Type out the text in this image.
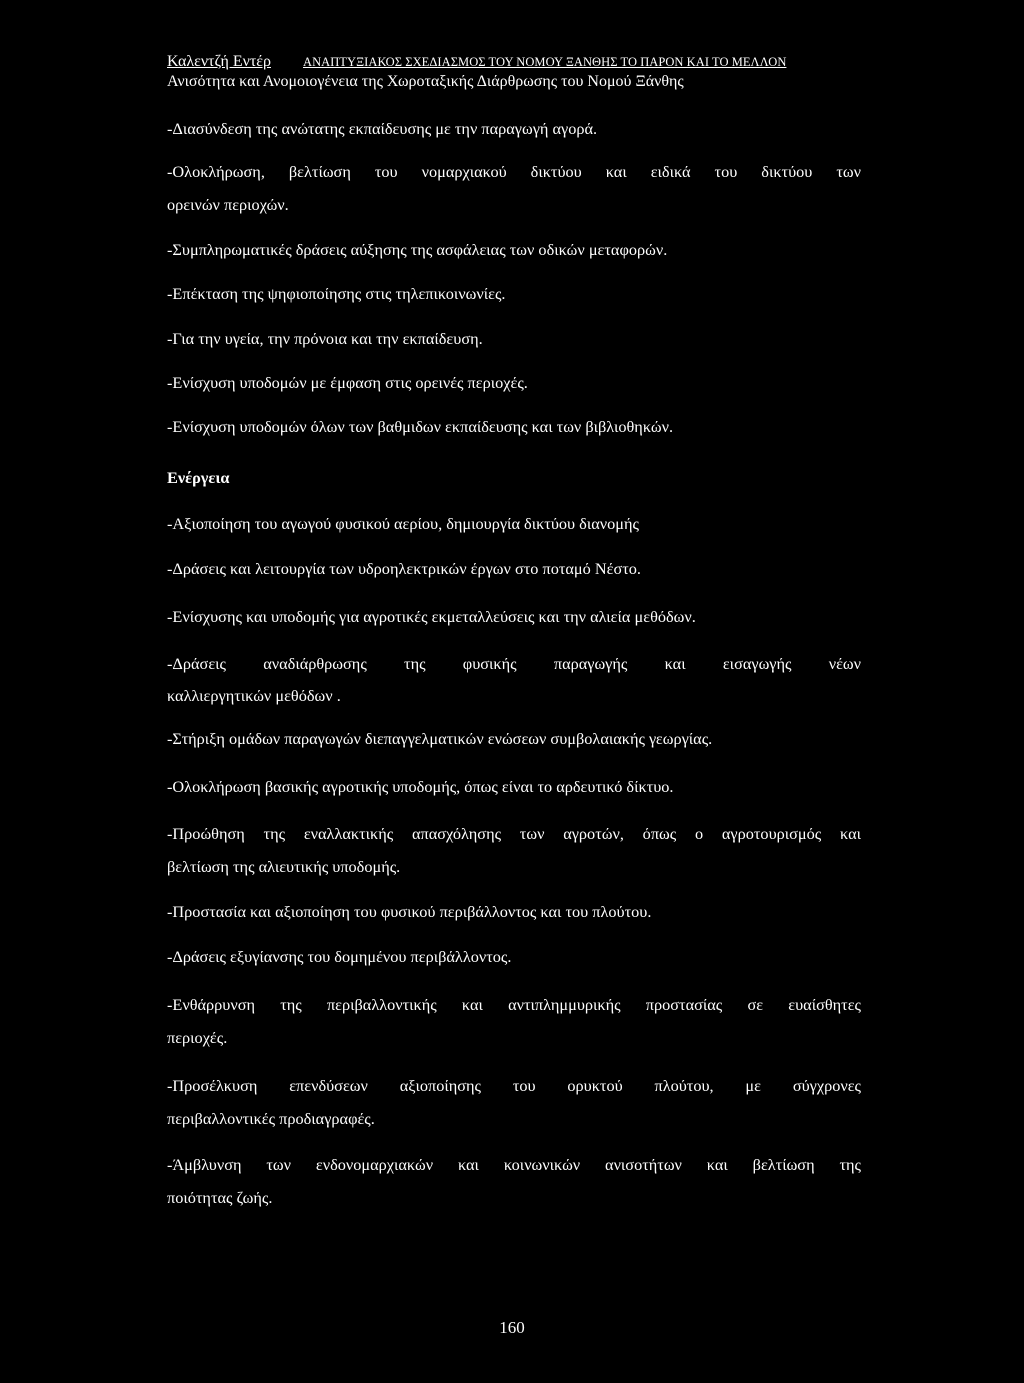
Καλεντζή Εντέρ	ΑΝΑΠΤΥΞΙΑΚΟΣ ΣΧΕΔΙΑΣΜΟΣ ΤΟΥ ΝΟΜΟΥ ΞΑΝΘΗΣ ΤΟ ΠΑΡΟΝ ΚΑΙ ΤΟ ΜΕΛΛΟΝ
Ανισότητα και Ανομοιογένεια της Χωροταξικής Διάρθρωσης του Νομού Ξάνθης
-Διασύνδεση της ανώτατης εκπαίδευσης με την παραγωγή αγορά.
-Ολοκλήρωση, βελτίωση του νομαρχιακού δικτύου και ειδικά του δικτύου των
ορεινών περιοχών.
-Συμπληρωματικές δράσεις αύξησης της ασφάλειας των οδικών μεταφορών.
-Επέκταση της ψηφιοποίησης στις τηλεπικοινωνίες.
-Για την υγεία, την πρόνοια και την εκπαίδευση.
-Ενίσχυση υποδομών με έμφαση στις ορεινές περιοχές.
-Ενίσχυση υποδομών όλων των βαθμιδων εκπαίδευσης και των βιβλιοθηκών.
Ενέργεια
-Αξιοποίηση του αγωγού φυσικού αερίου, δημιουργία δικτύου διανομής
-Δράσεις και λειτουργία των υδροηλεκτρικών έργων στο ποταμό Νέστο.
-Ενίσχυσης και υποδομής για αγροτικές εκμεταλλεύσεις και την αλιεία μεθόδων.
-Δράσεις αναδιάρθρωσης της φυσικής παραγωγής και εισαγωγής νέων
καλλιεργητικών μεθόδων .
-Στήριξη ομάδων παραγωγών διεπαγγελματικών ενώσεων συμβολαιακής γεωργίας.
-Ολοκλήρωση βασικής αγροτικής υποδομής, όπως είναι το αρδευτικό δίκτυο.
-Προώθηση της εναλλακτικής απασχόλησης των αγροτών, όπως ο αγροτουρισμός και
βελτίωση της αλιευτικής υποδομής.
-Προστασία και αξιοποίηση του φυσικού περιβάλλοντος και του πλούτου.
-Δράσεις εξυγίανσης του δομημένου περιβάλλοντος.
-Ενθάρρυνση της περιβαλλοντικής και αντιπλημμυρικής προστασίας σε ευαίσθητες
περιοχές.
-Προσέλκυση επενδύσεων αξιοποίησης του ορυκτού πλούτου, με σύγχρονες
περιβαλλοντικές προδιαγραφές.
-Άμβλυνση των ενδονομαρχιακών και κοινωνικών ανισοτήτων και βελτίωση της
ποιότητας ζωής.
160
